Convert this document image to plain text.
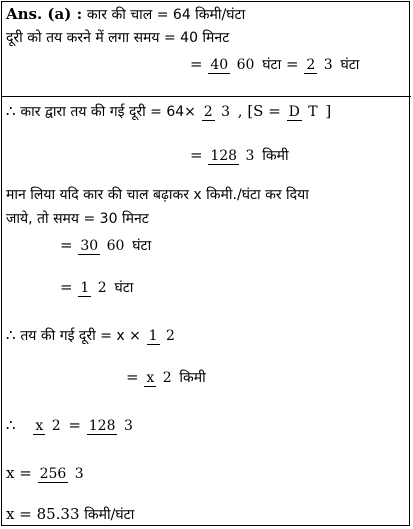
Ans. (a) : कार की चाल = 64 किमी/घंटा
दूरी को तय करने में लगा समय = 40 मिनट
= 40 60 घंटा = 2 3 घंटा
∴ कार द्वारा तय की गई दूरी = 64× 2 3 , [S = D T ]
= 128 3 किमी
मान लिया यदि कार की चाल बढ़ाकर x किमी./घंटा कर दिया
जाये, तो समय = 30 मिनट
= 30 60 घंटा
= 1 2 घंटा
∴ तय की गई दूरी = x × 1 2
= x 2 किमी
∴ x 2 = 128 3
x = 256 3
x = 85.33 किमी/घंटा
